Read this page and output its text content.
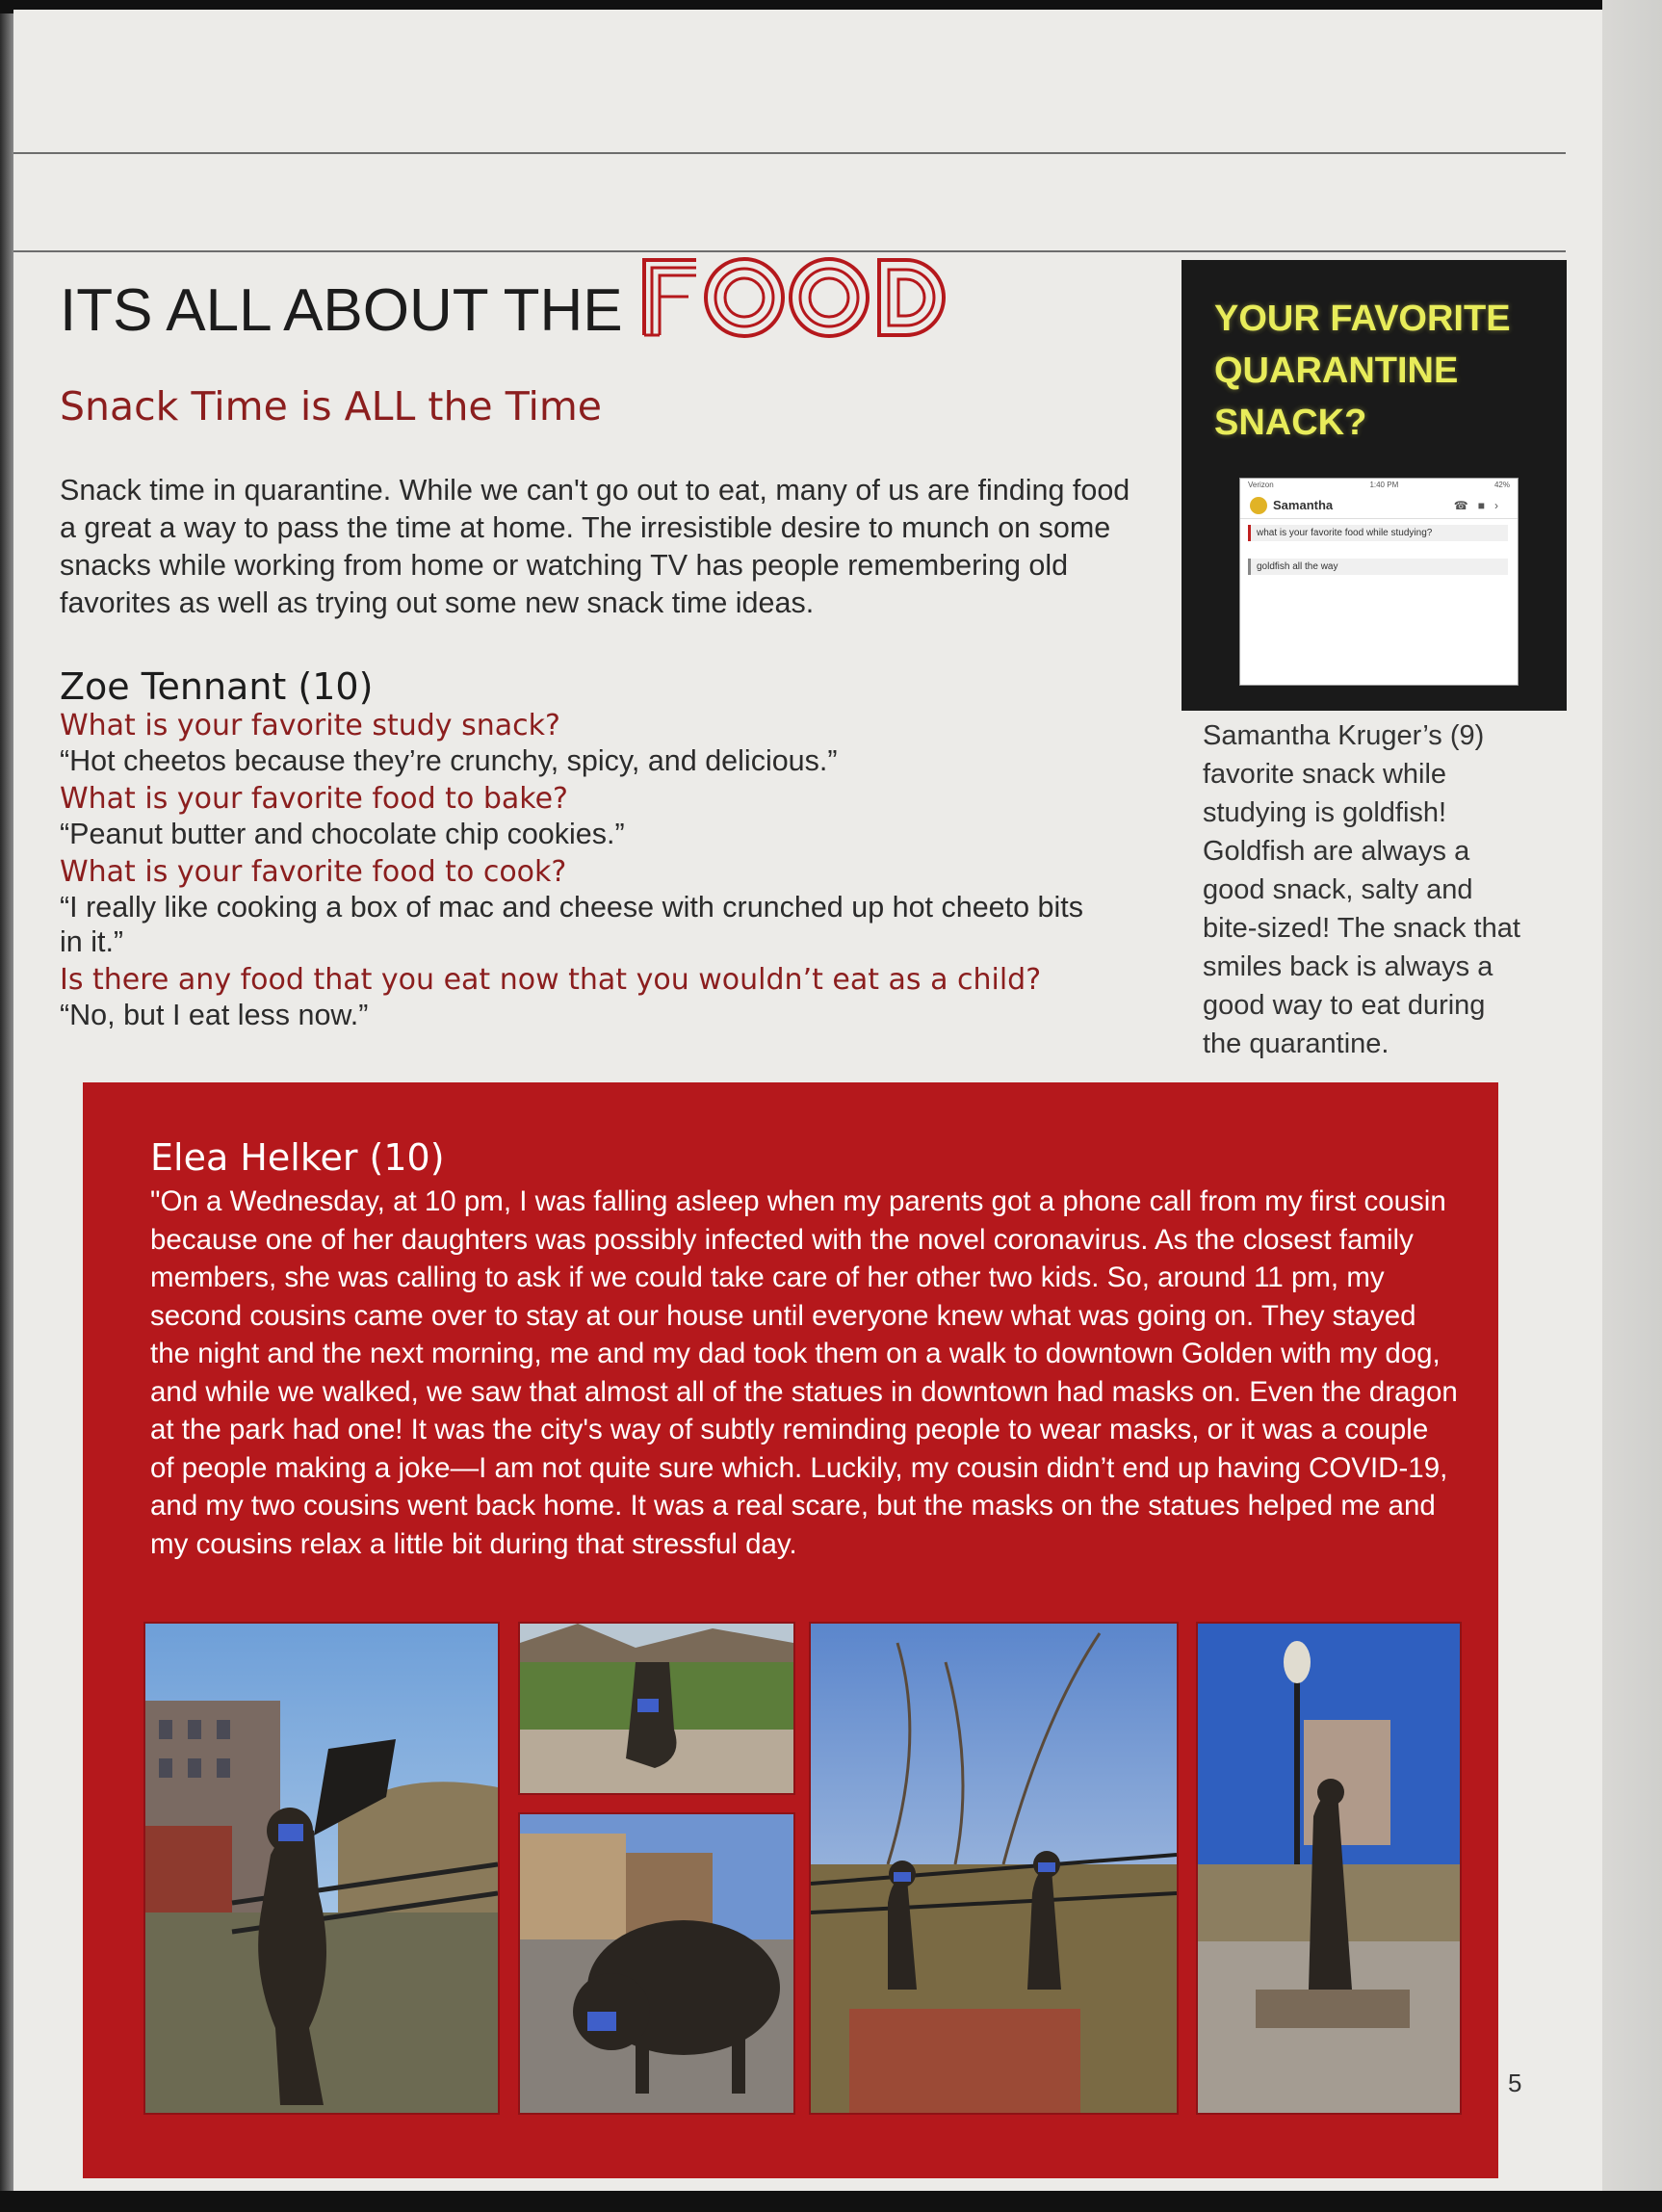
ITS ALL ABOUT THE
Snack Time is ALL the Time
Snack time in quarantine. While we can't go out to eat, many of us are finding food a great a way to pass the time at home. The irresistible desire to munch on some snacks while working from home or watching TV has people remembering old favorites as well as trying out some new snack time ideas.
Zoe Tennant (10)
What is your favorite study snack?
“Hot cheetos because they’re crunchy, spicy, and delicious.”
What is your favorite food to bake?
“Peanut butter and chocolate chip cookies.”
What is your favorite food to cook?
“I really like cooking a box of mac and cheese with crunched up hot cheeto bits in it.”
Is there any food that you eat now that you wouldn’t eat as a child?
“No, but I eat less now.”
YOUR FAVORITE
QUARANTINE
SNACK?
Verizon	1:40 PM	42%
Samantha	☎■›
what is your favorite food while studying?
goldfish all the way
Samantha Kruger’s (9) favorite snack while studying is goldfish! Goldfish are always a good snack, salty and bite-sized! The snack that smiles back is always a good way to eat during the quarantine.
Elea Helker (10)
"On a Wednesday, at 10 pm, I was falling asleep when my parents got a phone call from my first cousin because one of her daughters was possibly infected with the novel coronavirus. As the closest family members, she was calling to ask if we could take care of her other two kids. So, around 11 pm, my second cousins came over to stay at our house until everyone knew what was going on. They stayed the night and the next morning, me and my dad took them on a walk to downtown Golden with my dog, and while we walked, we saw that almost all of the statues in downtown had masks on. Even the dragon at the park had one! It was the city's way of subtly reminding people to wear masks, or it was a couple of people making a joke—I am not quite sure which. Luckily, my cousin didn’t end up having COVID-19, and my two cousins went back home. It was a real scare, but the masks on the statues helped me and my cousins relax a little bit during that stressful day.
5
